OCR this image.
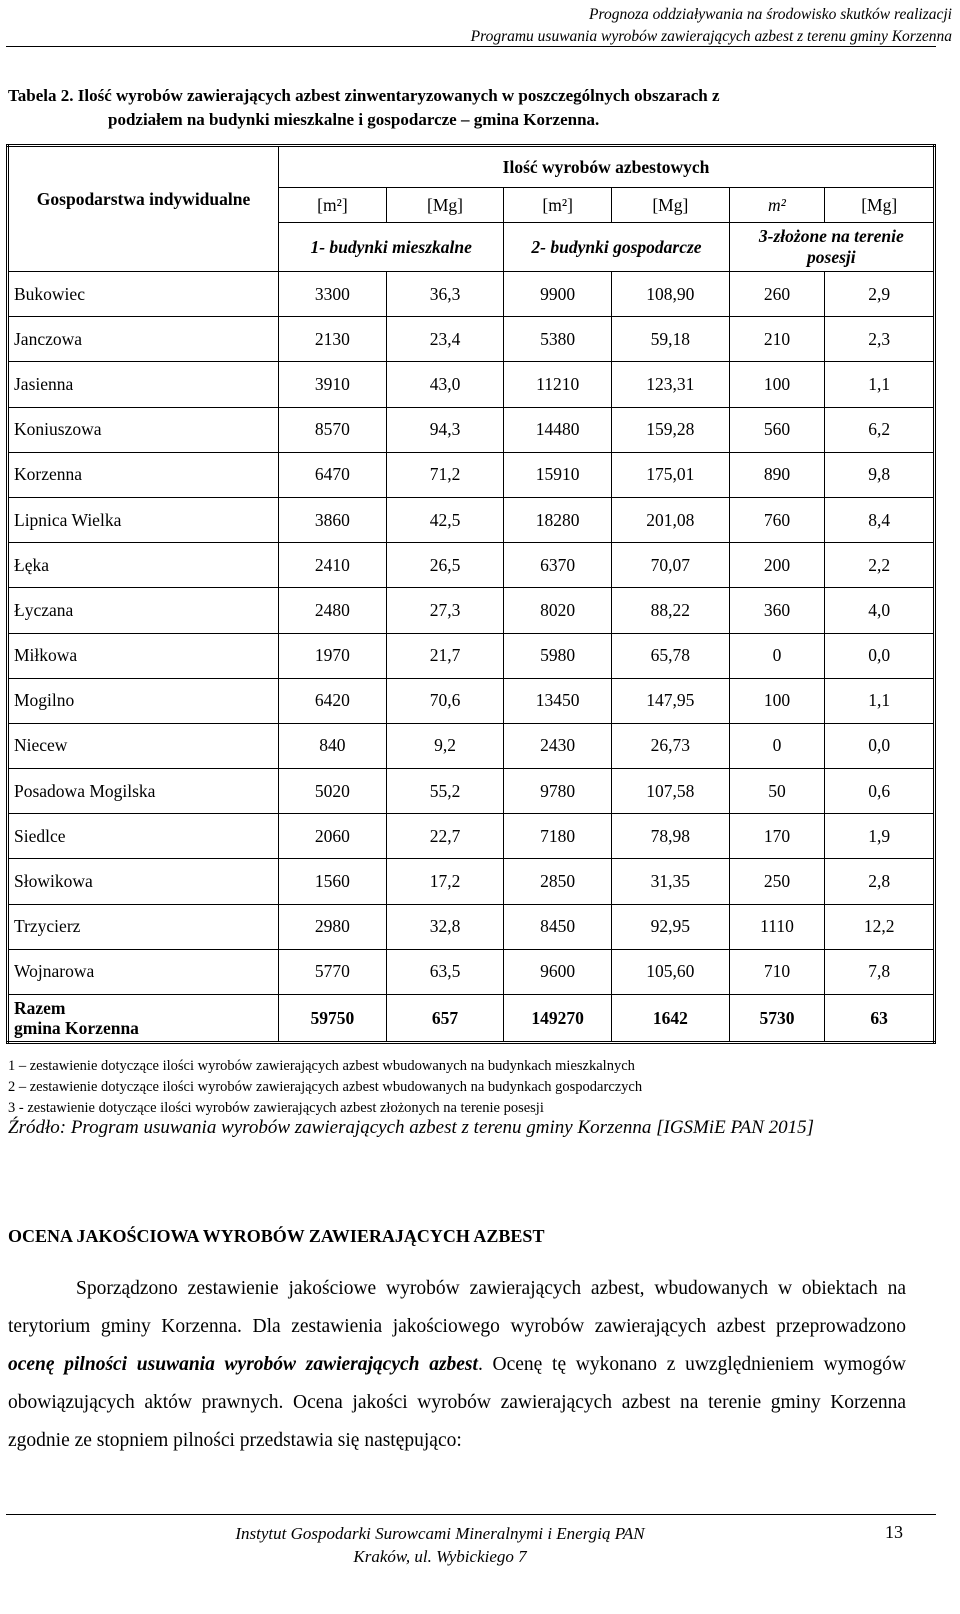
Prognoza oddziaływania na środowisko skutków realizacji
Programu usuwania wyrobów zawierających azbest z terenu gminy Korzenna
Tabela 2. Ilość wyrobów zawierających azbest zinwentaryzowanych w poszczególnych obszarach z
podziałem na budynki mieszkalne i gospodarcze – gmina Korzenna.
Gospodarstwa indywidualne	Ilość wyrobów azbestowych					
	[m²]	[Mg]	[m²]	[Mg]	m²	[Mg]
	1- budynki mieszkalne		2- budynki gospodarcze		3-złożone na terenie posesji	
Bukowiec	3300	36,3	9900	108,90	260	2,9
Janczowa	2130	23,4	5380	59,18	210	2,3
Jasienna	3910	43,0	11210	123,31	100	1,1
Koniuszowa	8570	94,3	14480	159,28	560	6,2
Korzenna	6470	71,2	15910	175,01	890	9,8
Lipnica Wielka	3860	42,5	18280	201,08	760	8,4
Łęka	2410	26,5	6370	70,07	200	2,2
Łyczana	2480	27,3	8020	88,22	360	4,0
Miłkowa	1970	21,7	5980	65,78	0	0,0
Mogilno	6420	70,6	13450	147,95	100	1,1
Niecew	840	9,2	2430	26,73	0	0,0
Posadowa Mogilska	5020	55,2	9780	107,58	50	0,6
Siedlce	2060	22,7	7180	78,98	170	1,9
Słowikowa	1560	17,2	2850	31,35	250	2,8
Trzycierz	2980	32,8	8450	92,95	1110	12,2
Wojnarowa	5770	63,5	9600	105,60	710	7,8

Razem
gmina Korzenna	59750	657	149270	1642	5730	63
1 – zestawienie dotyczące ilości wyrobów zawierających azbest wbudowanych na budynkach mieszkalnych
2 – zestawienie dotyczące ilości wyrobów zawierających azbest wbudowanych na budynkach gospodarczych
3 - zestawienie dotyczące ilości wyrobów zawierających azbest złożonych na terenie posesji
Źródło: Program usuwania wyrobów zawierających azbest z terenu gminy Korzenna [IGSMiE PAN 2015]
OCENA JAKOŚCIOWA WYROBÓW ZAWIERAJĄCYCH AZBEST
Sporządzono zestawienie jakościowe wyrobów zawierających azbest, wbudowanych w obiektach na terytorium gminy Korzenna. Dla zestawienia jakościowego wyrobów zawierających azbest przeprowadzono ocenę pilności usuwania wyrobów zawierających azbest. Ocenę tę wykonano z uwzględnieniem wymogów obowiązujących aktów prawnych. Ocena jakości wyrobów zawierających azbest na terenie gminy Korzenna zgodnie ze stopniem pilności przedstawia się następująco:
Instytut Gospodarki Surowcami Mineralnymi i Energią PAN
Kraków, ul. Wybickiego 7
13
